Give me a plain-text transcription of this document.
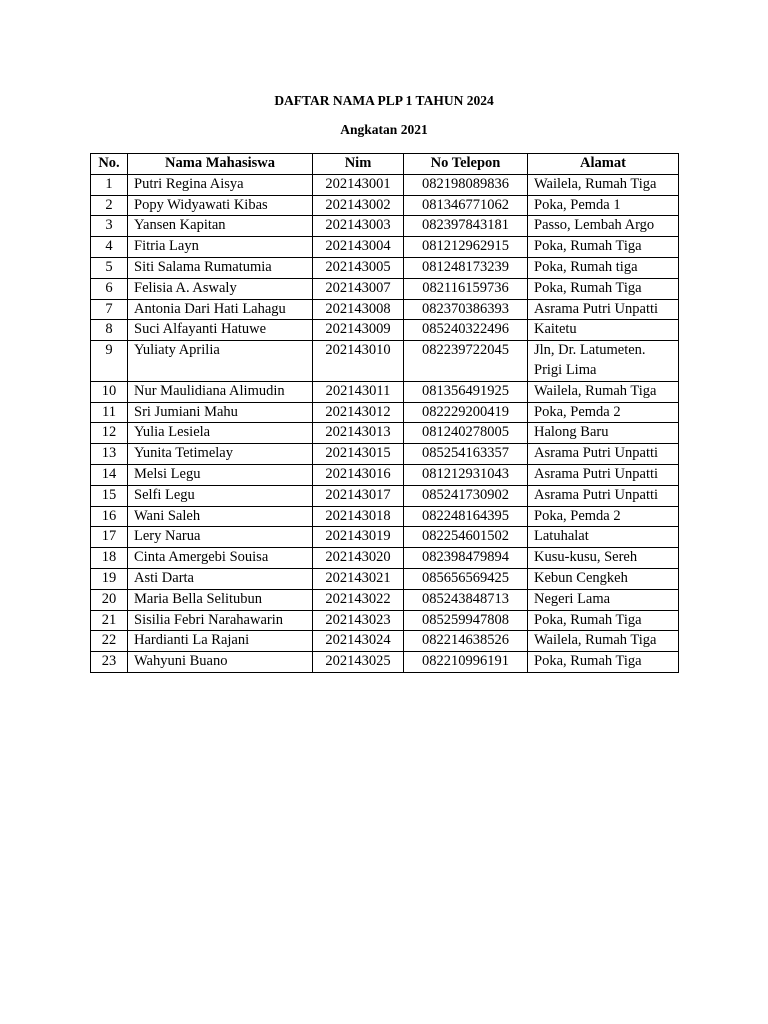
DAFTAR NAMA PLP 1 TAHUN 2024
Angkatan 2021
No.	Nama Mahasiswa	Nim	No Telepon	Alamat
1	Putri Regina Aisya	202143001	082198089836	Wailela, Rumah Tiga
2	Popy Widyawati Kibas	202143002	081346771062	Poka, Pemda 1
3	Yansen Kapitan	202143003	082397843181	Passo, Lembah Argo
4	Fitria Layn	202143004	081212962915	Poka, Rumah Tiga
5	Siti Salama Rumatumia	202143005	081248173239	Poka, Rumah tiga
6	Felisia A. Aswaly	202143007	082116159736	Poka, Rumah Tiga
7	Antonia Dari Hati Lahagu	202143008	082370386393	Asrama Putri Unpatti
8	Suci Alfayanti Hatuwe	202143009	085240322496	Kaitetu
9	Yuliaty Aprilia	202143010	082239722045	Jln, Dr. Latumeten. Prigi Lima
10	Nur Maulidiana Alimudin	202143011	081356491925	Wailela, Rumah Tiga
11	Sri Jumiani Mahu	202143012	082229200419	Poka, Pemda 2
12	Yulia Lesiela	202143013	081240278005	Halong Baru
13	Yunita Tetimelay	202143015	085254163357	Asrama Putri Unpatti
14	Melsi Legu	202143016	081212931043	Asrama Putri Unpatti
15	Selfi Legu	202143017	085241730902	Asrama Putri Unpatti
16	Wani Saleh	202143018	082248164395	Poka, Pemda 2
17	Lery Narua	202143019	082254601502	Latuhalat
18	Cinta Amergebi Souisa	202143020	082398479894	Kusu-kusu, Sereh
19	Asti Darta	202143021	085656569425	Kebun Cengkeh
20	Maria Bella Selitubun	202143022	085243848713	Negeri Lama
21	Sisilia Febri Narahawarin	202143023	085259947808	Poka, Rumah Tiga
22	Hardianti La Rajani	202143024	082214638526	Wailela, Rumah Tiga
23	Wahyuni Buano	202143025	082210996191	Poka, Rumah Tiga
